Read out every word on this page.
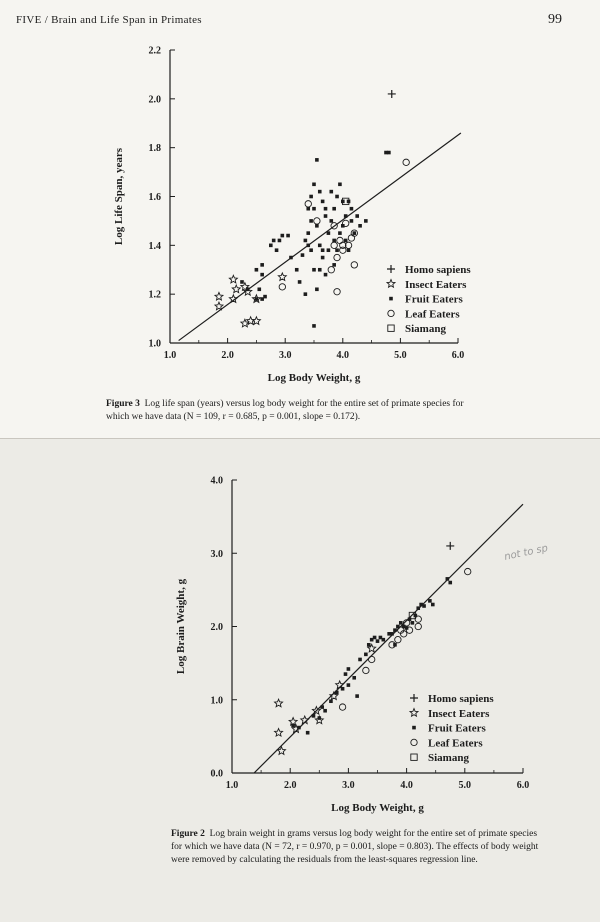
FIVE / Brain and Life Span in Primates	99
1.0
1.2
1.4
1.6
1.8
2.0
2.2
1.0	2.0	3.0	4.0	5.0	6.0
Log Body Weight, g
Log Life Span, years
Homo sapiens
Insect Eaters
Fruit Eaters
Leaf Eaters
Siamang
0.0
1.0
2.0
3.0
4.0
1.0	2.0	3.0	4.0	5.0	6.0
Log Body Weight, g
Log Brain Weight, g
Homo sapiens
Insect Eaters
Fruit Eaters
Leaf Eaters
Siamang
not to sp
Figure 3 Log life span (years) versus log body weight for the entire set of primate species for which we have data (N = 109, r = 0.685, p = 0.001, slope = 0.172).
Figure 2 Log brain weight in grams versus log body weight for the entire set of primate species for which we have data (N = 72, r = 0.970, p = 0.001, slope = 0.803). The effects of body weight were removed by calculating the residuals from the least-squares regression line.
